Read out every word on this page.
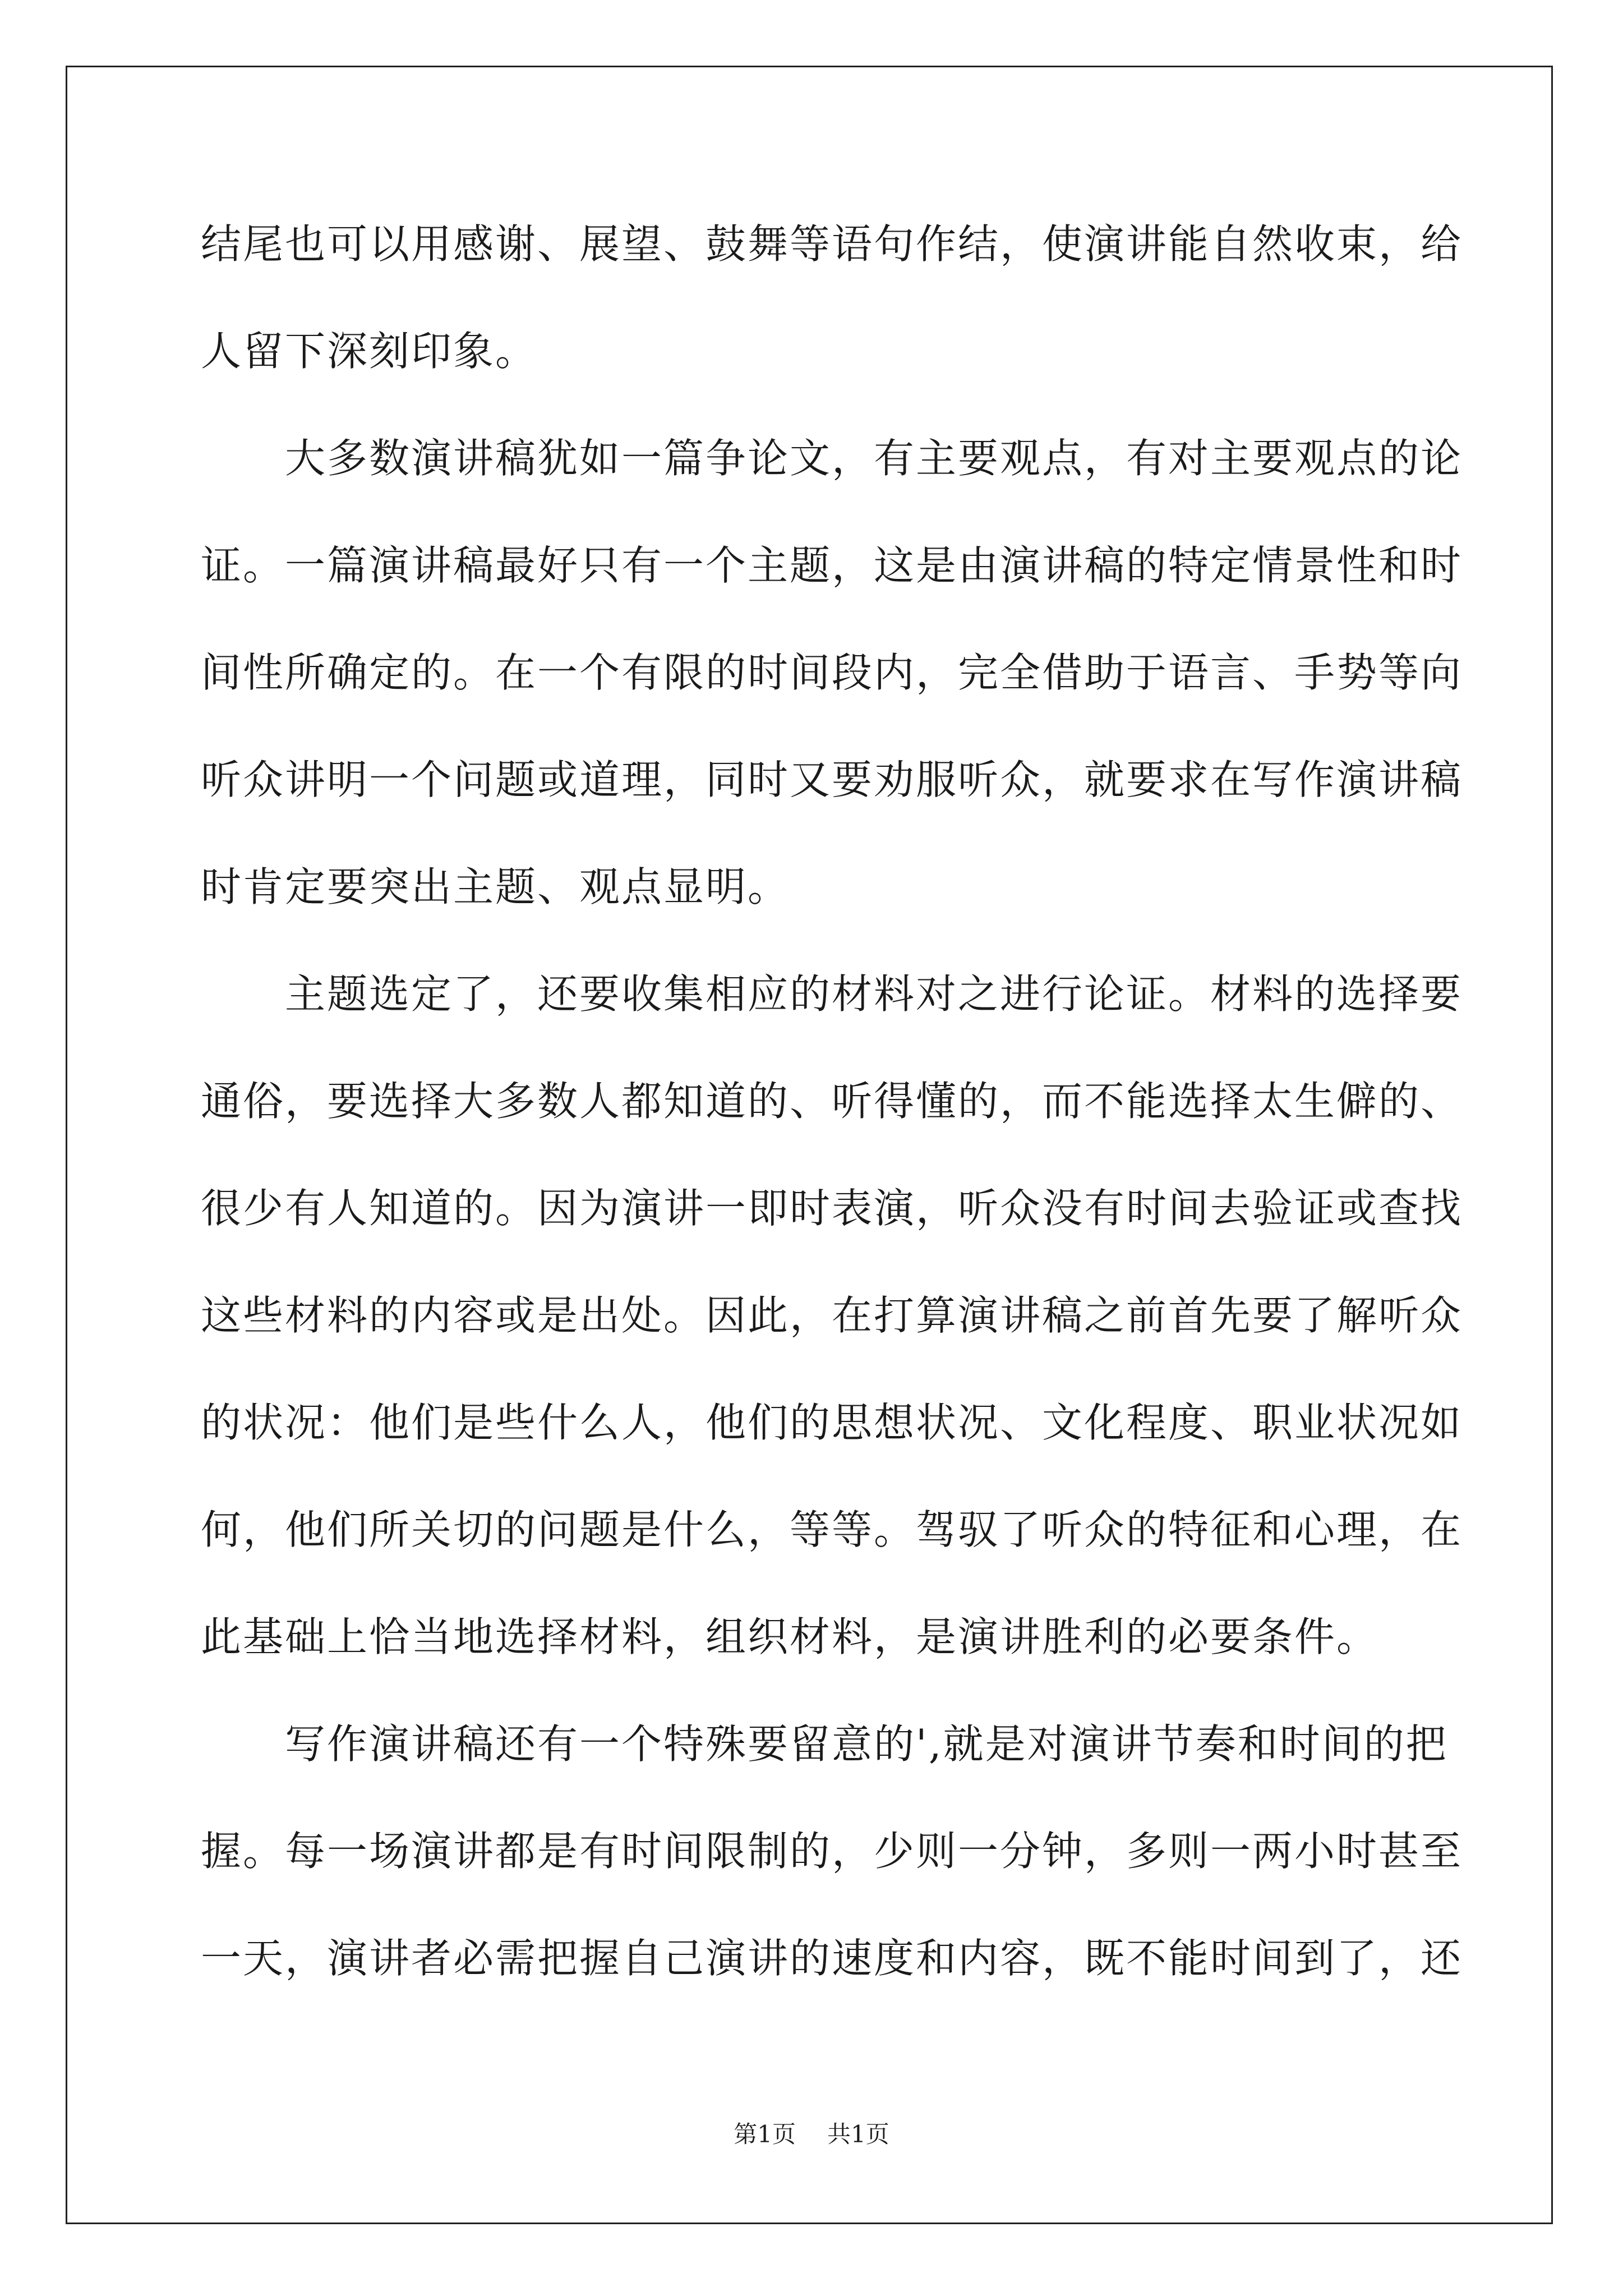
结尾也可以用感谢、展望、鼓舞等语句作结，使演讲能自然收束，给
人留下深刻印象。
大多数演讲稿犹如一篇争论文，有主要观点，有对主要观点的论
证。一篇演讲稿最好只有一个主题，这是由演讲稿的特定情景性和时
间性所确定的。在一个有限的时间段内，完全借助于语言、手势等向
听众讲明一个问题或道理，同时又要劝服听众，就要求在写作演讲稿
时肯定要突出主题、观点显明。
主题选定了，还要收集相应的材料对之进行论证。材料的选择要
通俗，要选择大多数人都知道的、听得懂的，而不能选择太生僻的、
很少有人知道的。因为演讲一即时表演，听众没有时间去验证或查找
这些材料的内容或是出处。因此，在打算演讲稿之前首先要了解听众
的状况：他们是些什么人，他们的思想状况、文化程度、职业状况如
何，他们所关切的问题是什么，等等。驾驭了听众的特征和心理，在
此基础上恰当地选择材料，组织材料，是演讲胜利的必要条件。
写作演讲稿还有一个特殊要留意的',就是对演讲节奏和时间的把
握。每一场演讲都是有时间限制的，少则一分钟，多则一两小时甚至
一天，演讲者必需把握自己演讲的速度和内容，既不能时间到了，还
第1页 共1页
